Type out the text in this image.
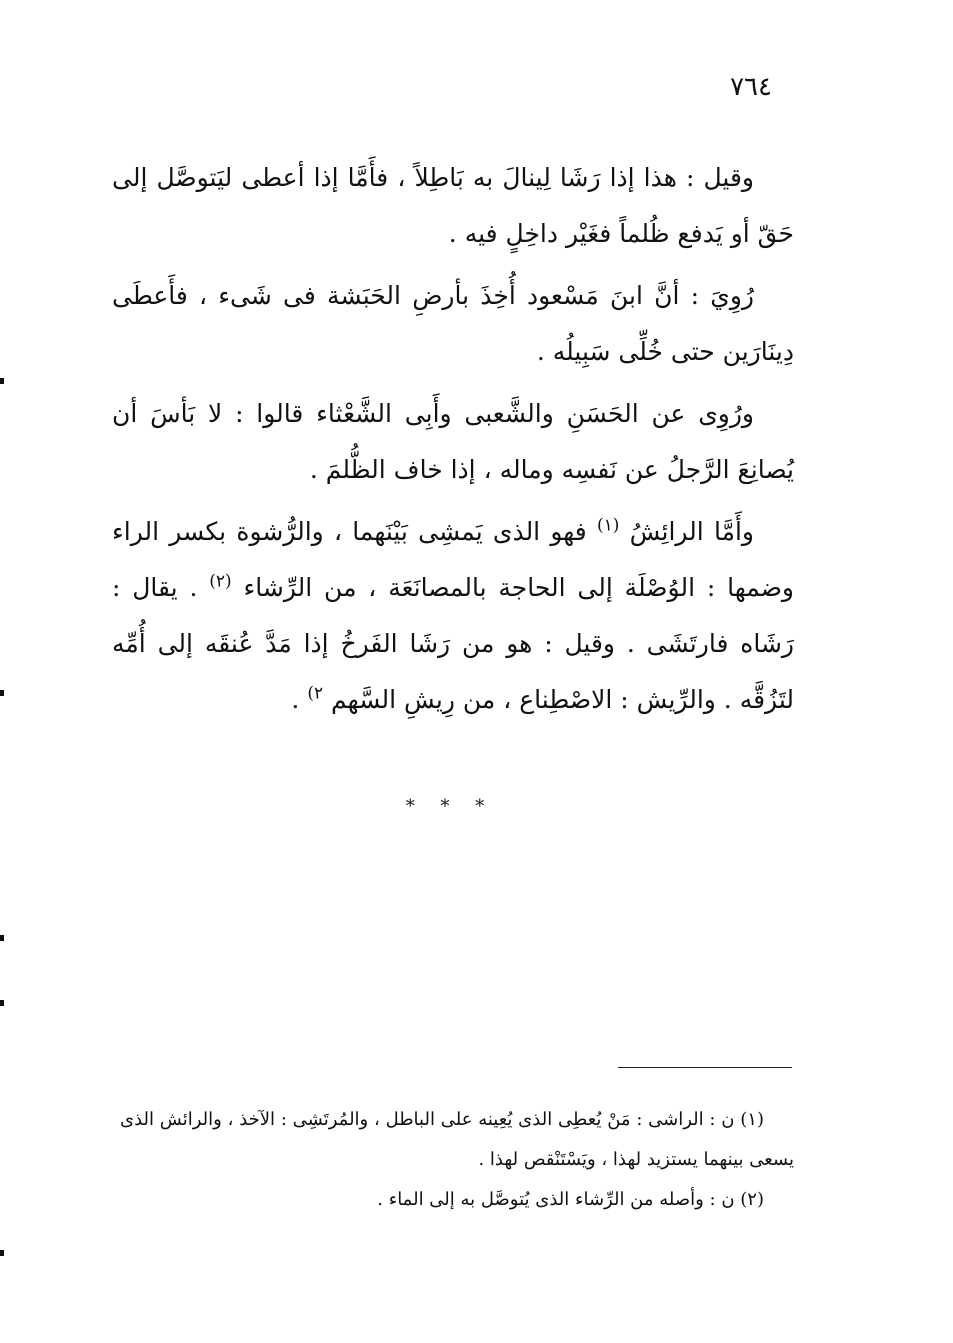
٧٦٤

وقيل : هذا إذا رَشَا لِينالَ به بَاطِلاً ، فأَمَّا إذا أعطى ليَتوصَّل إلى حَقّ أو يَدفع ظُلماً فغَيْر داخِلٍ فيه .

رُوِيَ : أنَّ ابنَ مَسْعود أُخِذَ بأرضِ الحَبَشة فى شَىء ، فأَعطَى دِينَارَين حتى خُلِّى سَبِيلُه .

ورُوِى عن الحَسَنِ والشَّعبى وأَبِى الشَّعْثاء قالوا : لا بَأسَ أن يُصانِعَ الرَّجلُ عن نَفسِه وماله ، إذا خاف الظُّلمَ .

وأَمَّا الرائِشُ $^{(١)}$ فهو الذى يَمشِى بَيْنَهما ، والرُّشوة بكسر الراء وضمها : الوُصْلَة إلى الحاجة بالمصانَعَة ، من الرِّشاء $^{(٢)}$ . يقال : رَشَاه فارتَشَى . وقيل : هو من رَشَا الفَرخُ إذا مَدَّ عُنقَه إلى أُمِّه لتَزُقَّه . والرِّيش : الاصْطِناع ، من رِيشِ السَّهم $^{٢)}$ .

* * *

(١) ن : الراشى : مَنْ يُعطِى الذى يُعِينه على الباطل ، والمُرتَشِى : الآخذ ، والرائش الذى يسعى بينهما يستزيد لهذا ، ويَسْتَنْقص لهذا .

(٢) ن : وأصله من الرِّشاء الذى يُتوصَّل به إلى الماء .
